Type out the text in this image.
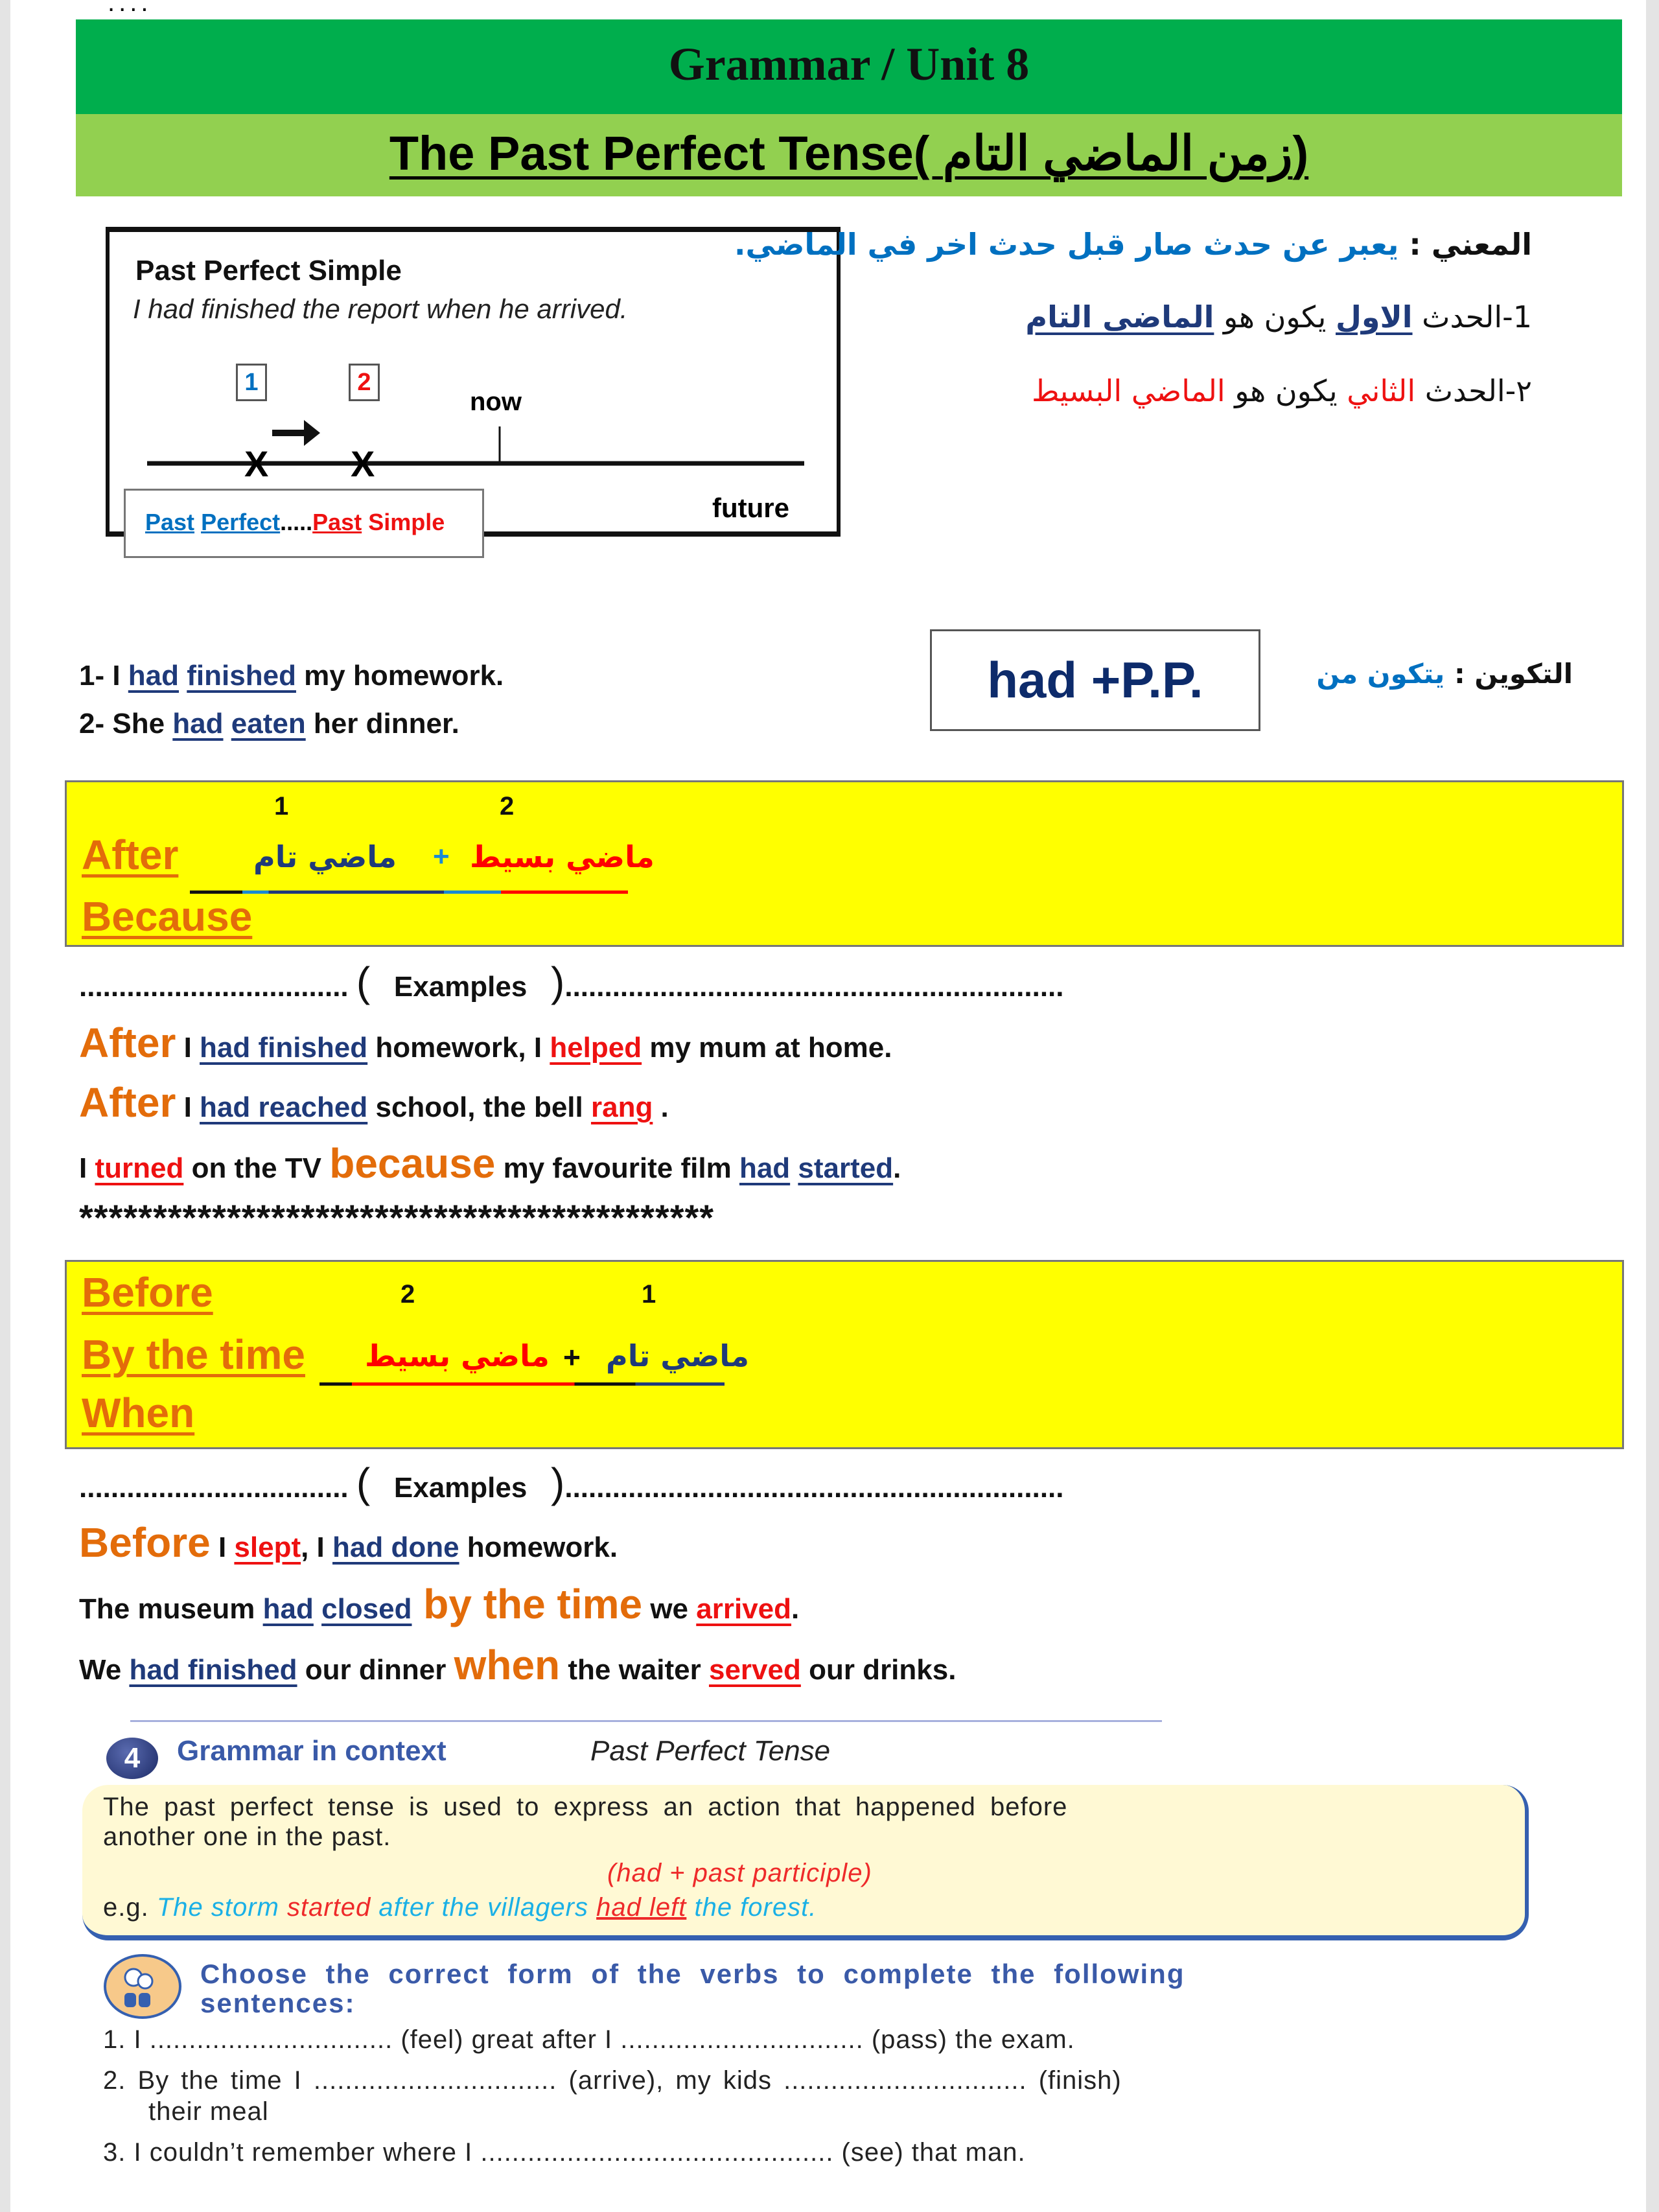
....
Grammar / Unit 8
The Past Perfect Tense( زمن الماضي التام)
Past Perfect Simple
I had finished the report when he arrived.
1	2
now
X X
future
Past Perfect.....Past Simple
المعني : يعبر عن حدث صار قبل حدث اخر في الماضي.
1-الحدث الاول يكون هو الماضى التام
٢-الحدث الثاني يكون هو الماضي البسيط
1- I had finished my homework.
2- She had eaten her dinner.
had +P.P.	التكوين : يتكون من
1	2
After	ماضي تام + ماضي بسيط
Because
.................................. ( Examples )...............................................................
After I had finished homework, I helped my mum at home.
After I had reached school, the bell rang .
I turned on the TV because my favourite film had started.
*******************************************
Before	2	1
By the time ماضي بسيط + ماضي تام
When
.................................. ( Examples )...............................................................
Before I slept, I had done homework.
The museum had closed by the time we arrived.
We had finished our dinner when the waiter served our drinks.
4	Grammar in context	Past Perfect Tense
The past perfect tense is used to express an action that happened before
another one in the past.
(had + past participle)
e.g. The storm started after the villagers had left the forest.
Choose the correct form of the verbs to complete the following
sentences:
1. I ............................... (feel) great after I ............................... (pass) the exam.
2. By the time I ............................... (arrive), my kids ............................... (finish)
their meal
3. I couldn’t remember where I ............................................. (see) that man.
